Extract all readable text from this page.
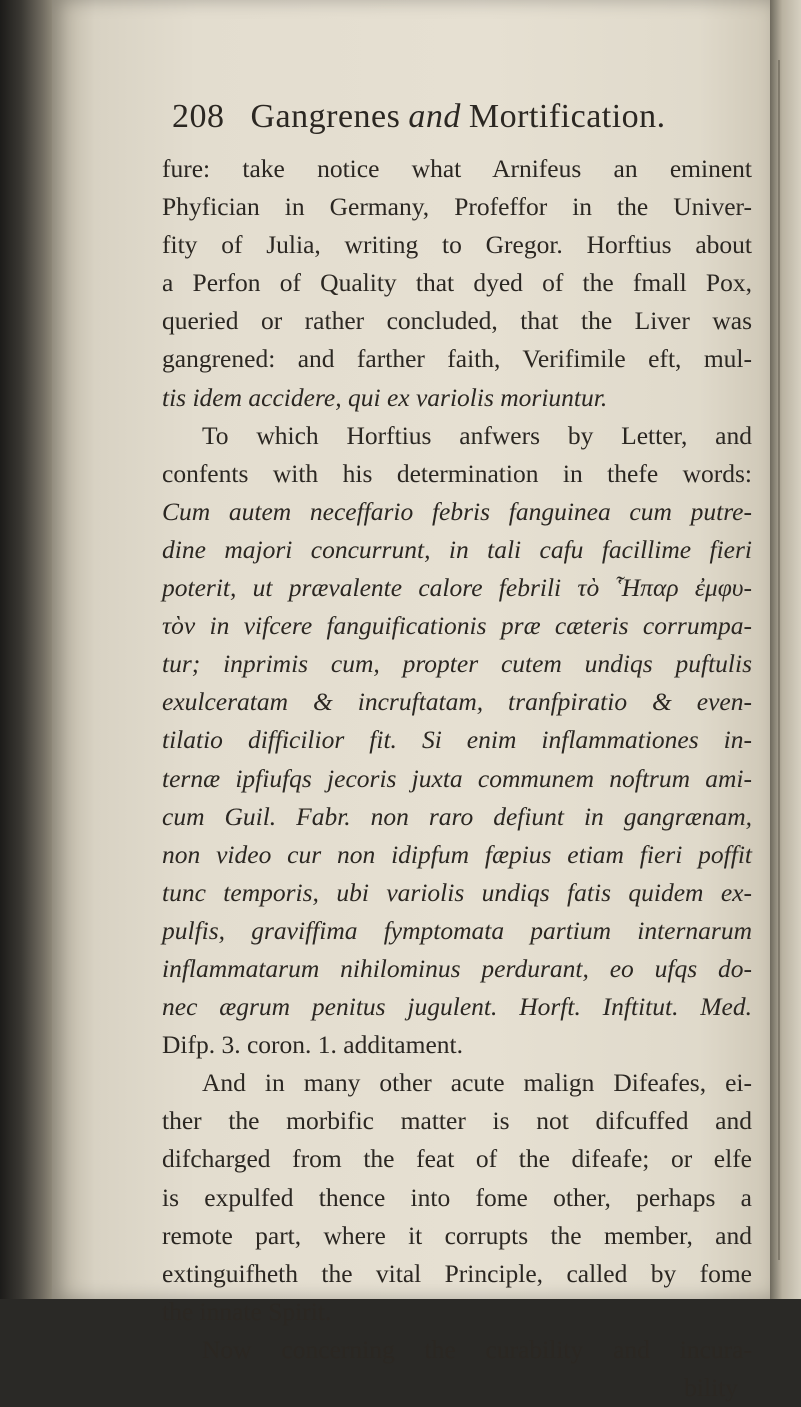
208 Gangrenes and Mortification.
fure: take notice what Arnifeus an eminent
Phyfician in Germany, Profeffor in the Univer-
fity of Julia, writing to Gregor. Horftius about
a Perfon of Quality that dyed of the fmall Pox,
queried or rather concluded, that the Liver was
gangrened: and farther faith, Verifimile eft, mul-
tis idem accidere, qui ex variolis moriuntur.
To which Horftius anfwers by Letter, and
confents with his determination in thefe words:
Cum autem neceffario febris fanguinea cum putre-
dine majori concurrunt, in tali cafu facillime fieri
poterit, ut prævalente calore febrili τὸ Ἧπαρ ἐμφυ-
τὸν in vifcere fanguificationis præ cæteris corrumpa-
tur; inprimis cum, propter cutem undiqs puftulis
exulceratam & incruftatam, tranfpiratio & even-
tilatio difficilior fit. Si enim inflammationes in-
ternæ ipfiufqs jecoris juxta communem noftrum ami-
cum Guil. Fabr. non raro defiunt in gangrænam,
non video cur non idipfum fæpius etiam fieri poffit
tunc temporis, ubi variolis undiqs fatis quidem ex-
pulfis, graviffima fymptomata partium internarum
inflammatarum nihilominus perdurant, eo ufqs do-
nec ægrum penitus jugulent. Horft. Inftitut. Med.
Difp. 3. coron. 1. additament.
And in many other acute malign Difeafes, ei-
ther the morbific matter is not difcuffed and
difcharged from the feat of the difeafe; or elfe
is expulfed thence into fome other, perhaps a
remote part, where it corrupts the member, and
extinguifheth the vital Principle, called by fome
the innate Spirit.
Now concerning the curability and incura-
bility
